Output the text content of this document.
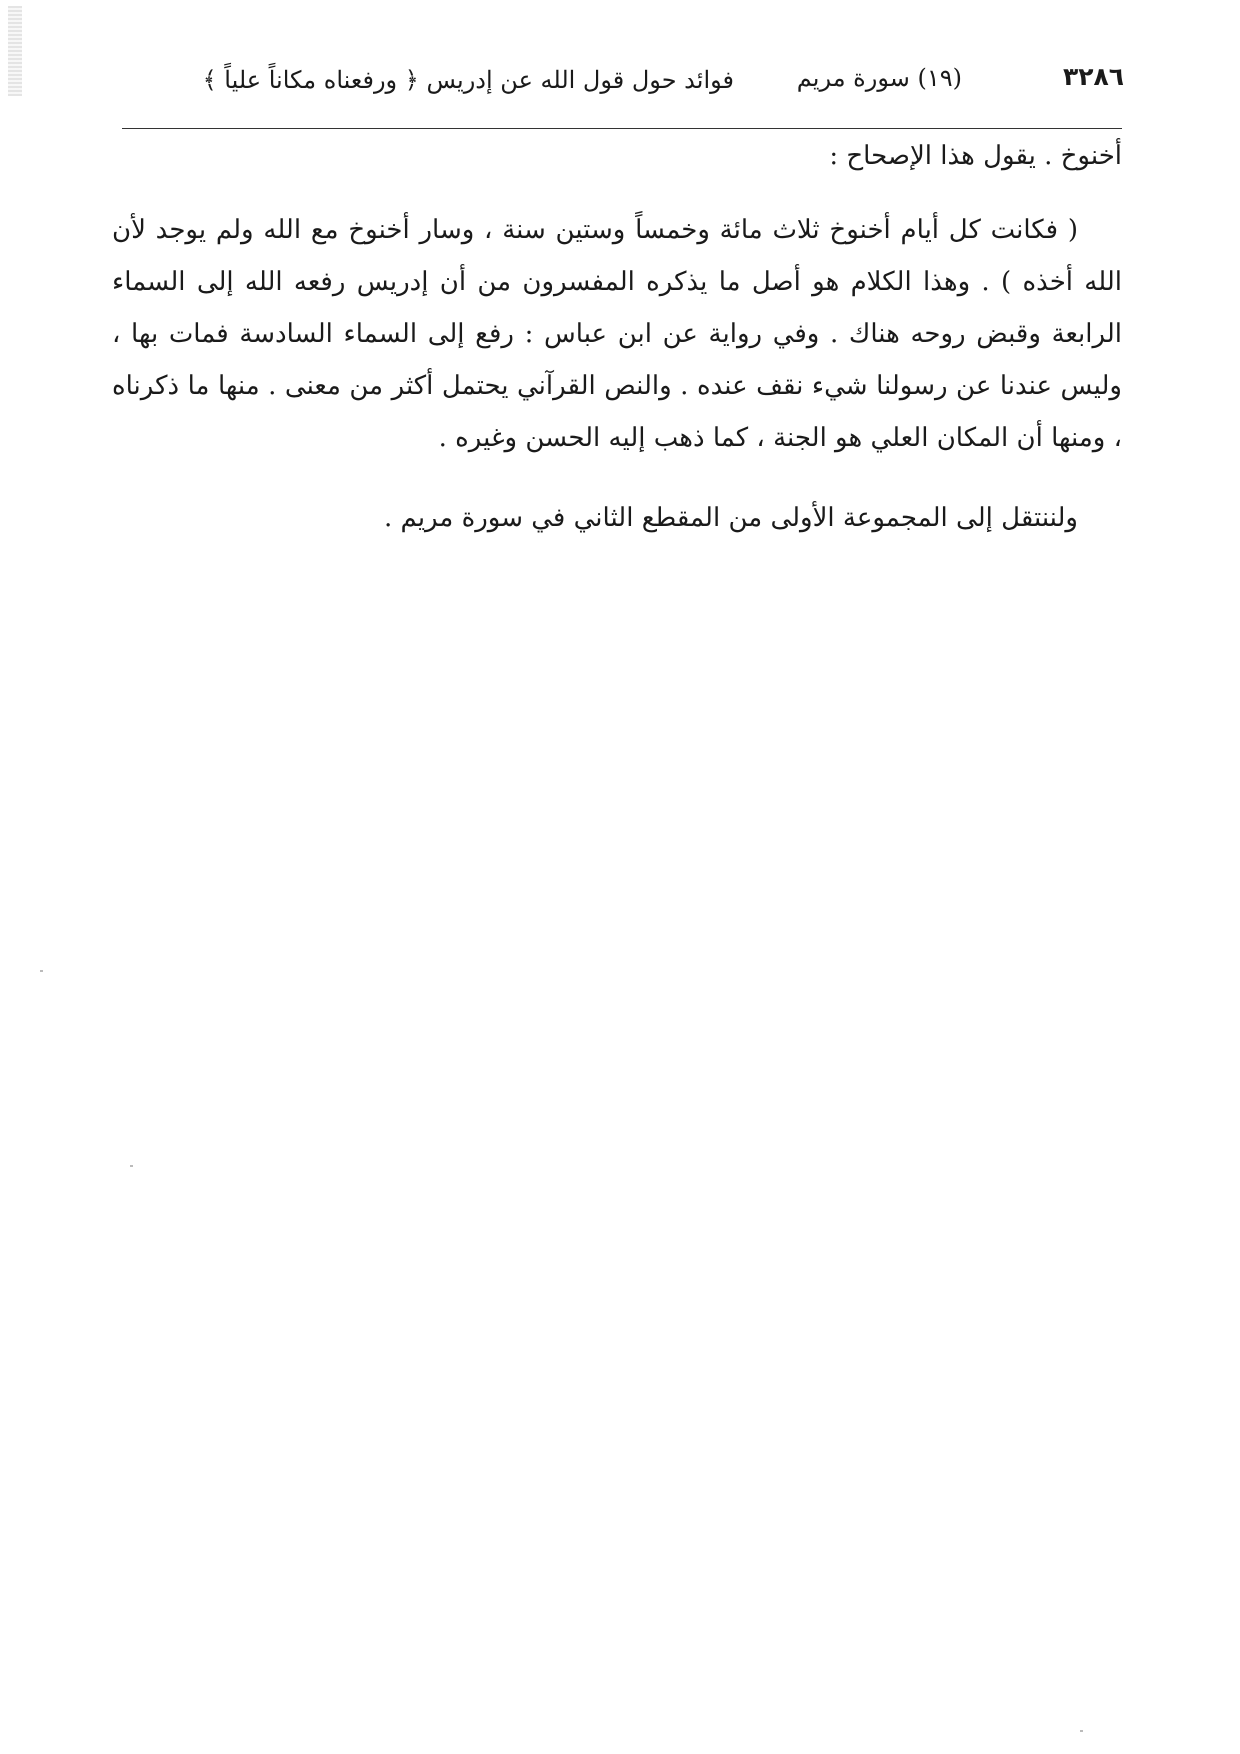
٣٢٨٦
(١٩) سورة مريم
فوائد حول قول الله عن إدريس ﴿ ورفعناه مكاناً علياً ﴾

أخنوخ . يقول هذا الإصحاح :

( فكانت كل أيام أخنوخ ثلاث مائة وخمساً وستين سنة ، وسار أخنوخ مع الله ولم يوجد لأن الله أخذه ) . وهذا الكلام هو أصل ما يذكره المفسرون من أن إدريس رفعه الله إلى السماء الرابعة وقبض روحه هناك . وفي رواية عن ابن عباس : رفع إلى السماء السادسة فمات بها ، وليس عندنا عن رسولنا شيء نقف عنده . والنص القرآني يحتمل أكثر من معنى . منها ما ذكرناه ، ومنها أن المكان العلي هو الجنة ، كما ذهب إليه الحسن وغيره .

ولننتقل إلى المجموعة الأولى من المقطع الثاني في سورة مريم .
